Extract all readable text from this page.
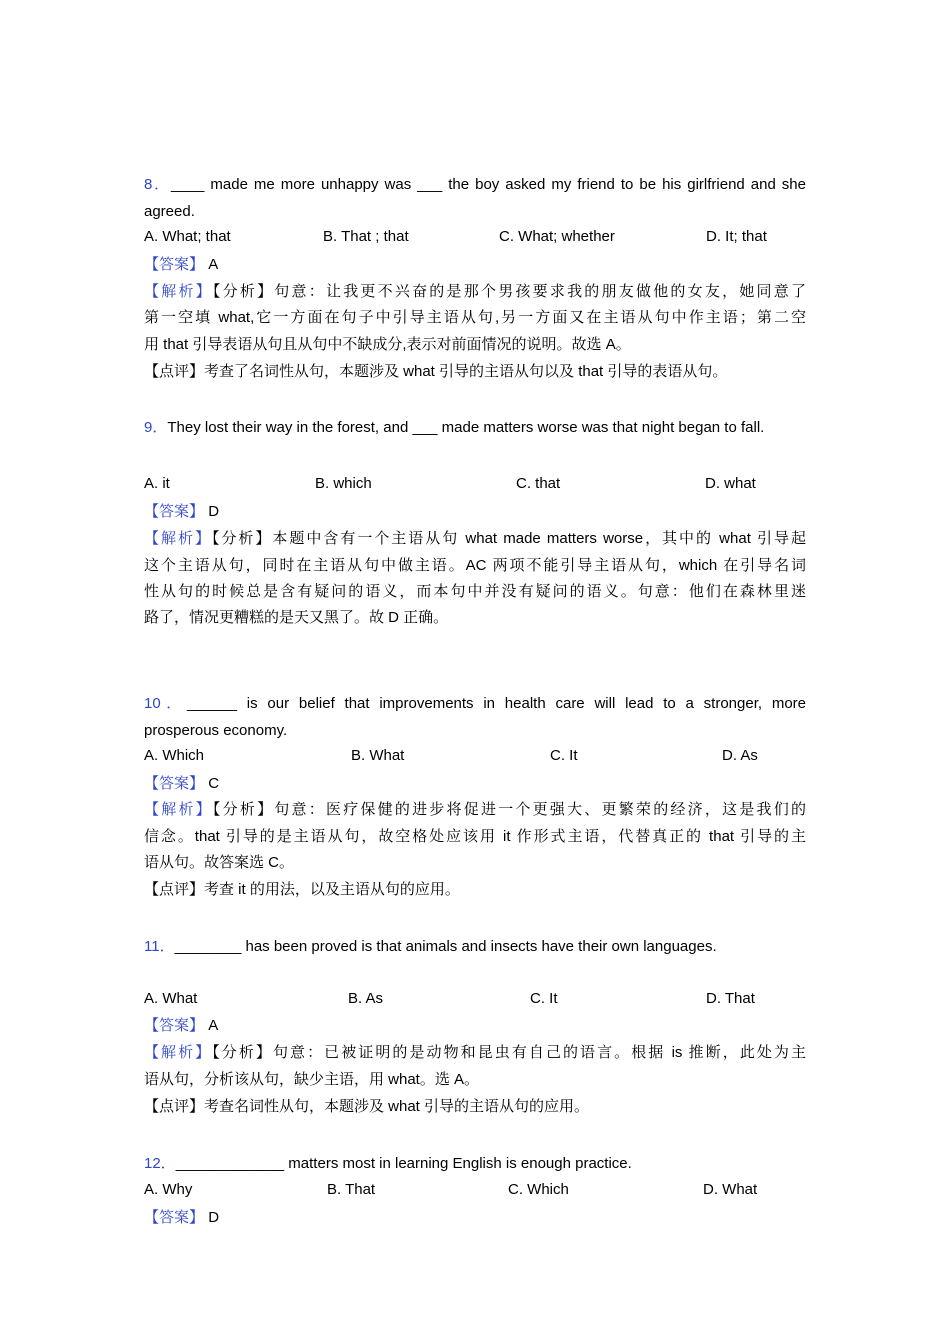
8．____ made me more unhappy was ___ the boy asked my friend to be his girlfriend and she
agreed.
A. What; that	B. That ; that	C. What; whether	D. It; that
【答案】 A
【解析】【分析】句意：让我更不兴奋的是那个男孩要求我的朋友做他的女友，她同意了
第一空填 what,它一方面在句子中引导主语从句,另一方面又在主语从句中作主语；第二空
用 that 引导表语从句且从句中不缺成分,表示对前面情况的说明。故选 A。
【点评】考查了名词性从句，本题涉及 what 引导的主语从句以及 that 引导的表语从句。
9．They lost their way in the forest, and ___ made matters worse was that night began to fall.
A. it	B. which	C. that	D. what
【答案】 D
【解析】【分析】本题中含有一个主语从句 what made matters worse，其中的 what 引导起
这个主语从句，同时在主语从句中做主语。AC 两项不能引导主语从句，which 在引导名词
性从句的时候总是含有疑问的语义，而本句中并没有疑问的语义。句意：他们在森林里迷
路了，情况更糟糕的是天又黑了。故 D 正确。
10．______ is our belief that improvements in health care will lead to a stronger, more
prosperous economy.
A. Which	B. What	C. It	D. As
【答案】 C
【解析】【分析】句意：医疗保健的进步将促进一个更强大、更繁荣的经济，这是我们的
信念。that 引导的是主语从句，故空格处应该用 it 作形式主语，代替真正的 that 引导的主
语从句。故答案选 C。
【点评】考查 it 的用法，以及主语从句的应用。
11．________ has been proved is that animals and insects have their own languages.
A. What	B. As	C. It	D. That
【答案】 A
【解析】【分析】句意：已被证明的是动物和昆虫有自己的语言。根据 is 推断，此处为主
语从句，分析该从句，缺少主语，用 what。选 A。
【点评】考查名词性从句，本题涉及 what 引导的主语从句的应用。
12．_____________ matters most in learning English is enough practice.
A. Why	B. That	C. Which	D. What
【答案】 D
